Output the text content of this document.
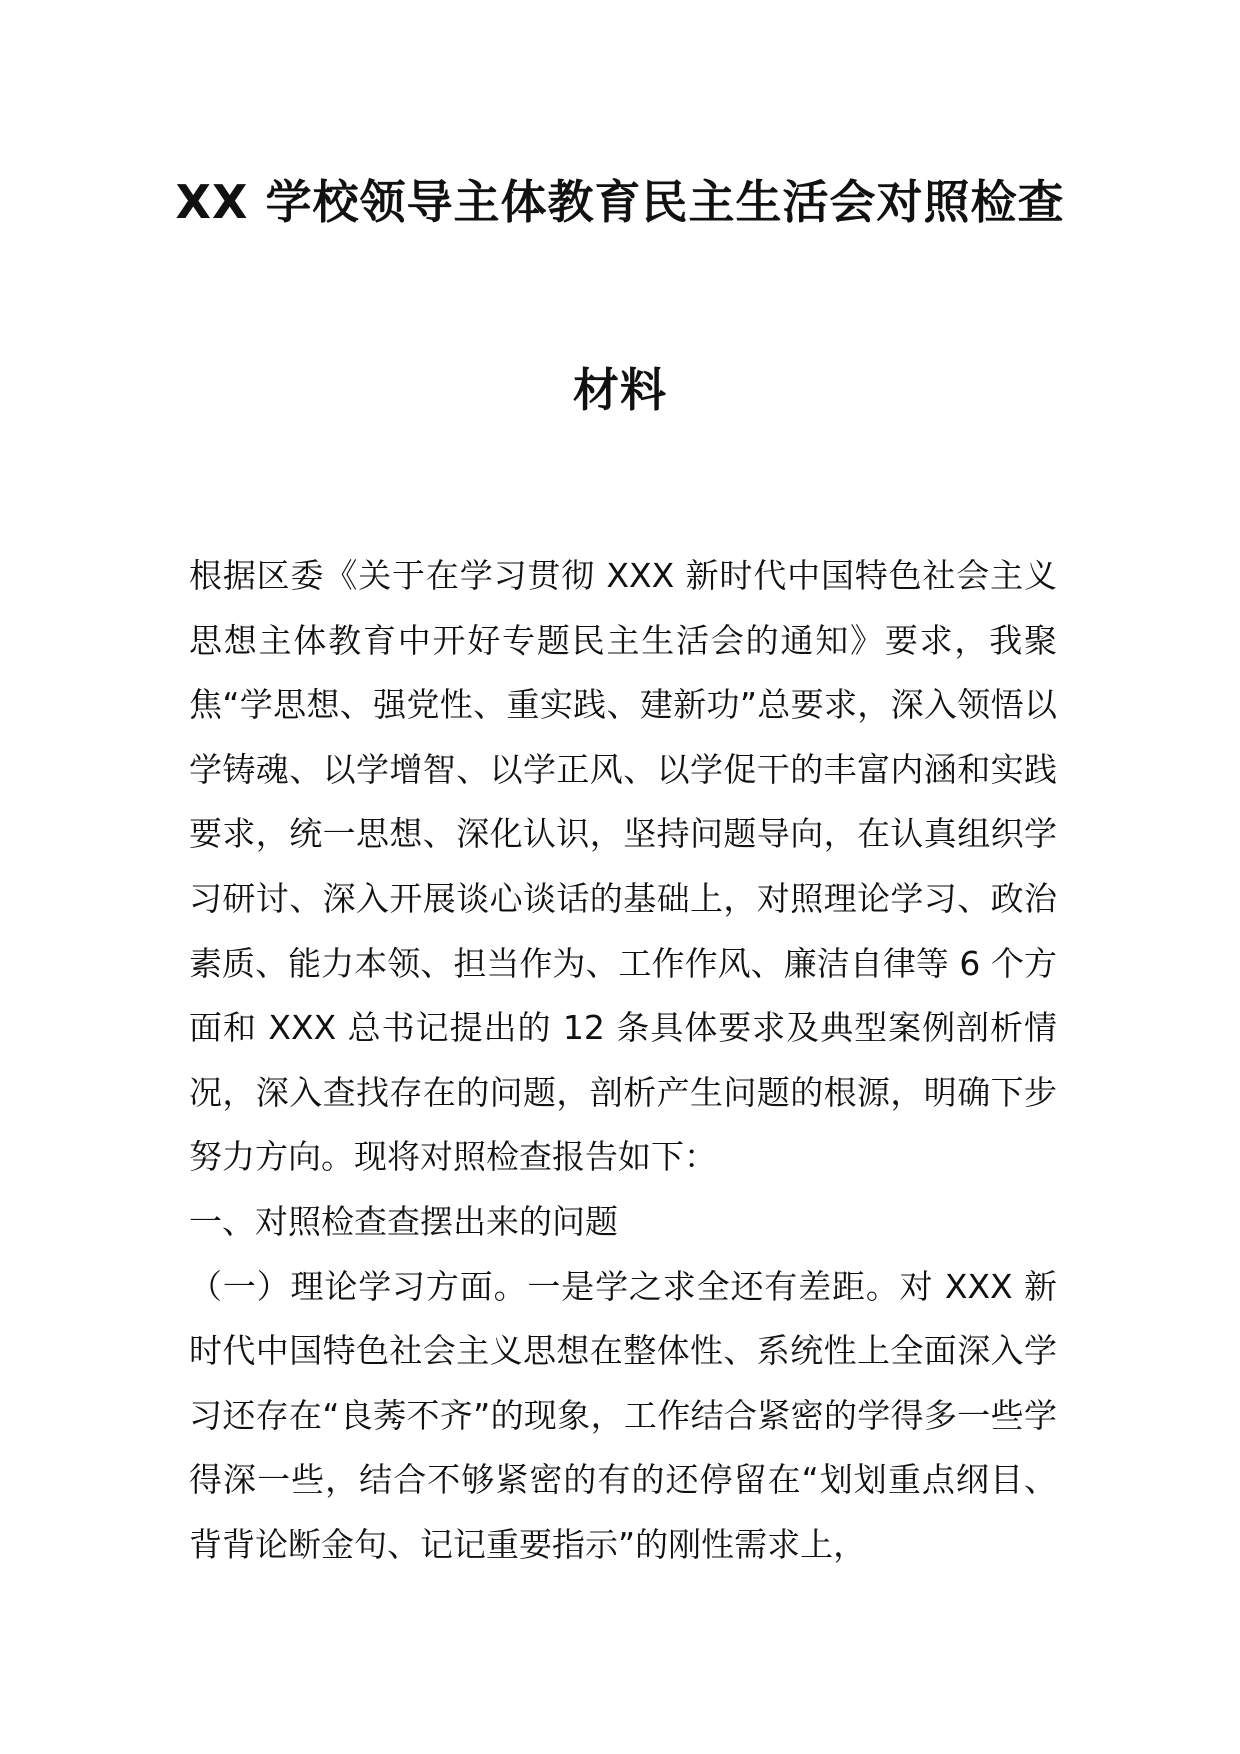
XX 学校领导主体教育民主生活会对照检查
材料

根据区委《关于在学习贯彻 XXX 新时代中国特色社会主义思想主体教育中开好专题民主生活会的通知》要求，我聚焦“学思想、强党性、重实践、建新功”总要求，深入领悟以学铸魂、以学增智、以学正风、以学促干的丰富内涵和实践要求，统一思想、深化认识，坚持问题导向，在认真组织学习研讨、深入开展谈心谈话的基础上，对照理论学习、政治素质、能力本领、担当作为、工作作风、廉洁自律等 6 个方面和 XXX 总书记提出的 12 条具体要求及典型案例剖析情况，深入查找存在的问题，剖析产生问题的根源，明确下步努力方向。现将对照检查报告如下：

一、对照检查查摆出来的问题

（一）理论学习方面。一是学之求全还有差距。对 XXX 新时代中国特色社会主义思想在整体性、系统性上全面深入学习还存在“良莠不齐”的现象，工作结合紧密的学得多一些学得深一些，结合不够紧密的有的还停留在“划划重点纲目、背背论断金句、记记重要指示”的刚性需求上，
